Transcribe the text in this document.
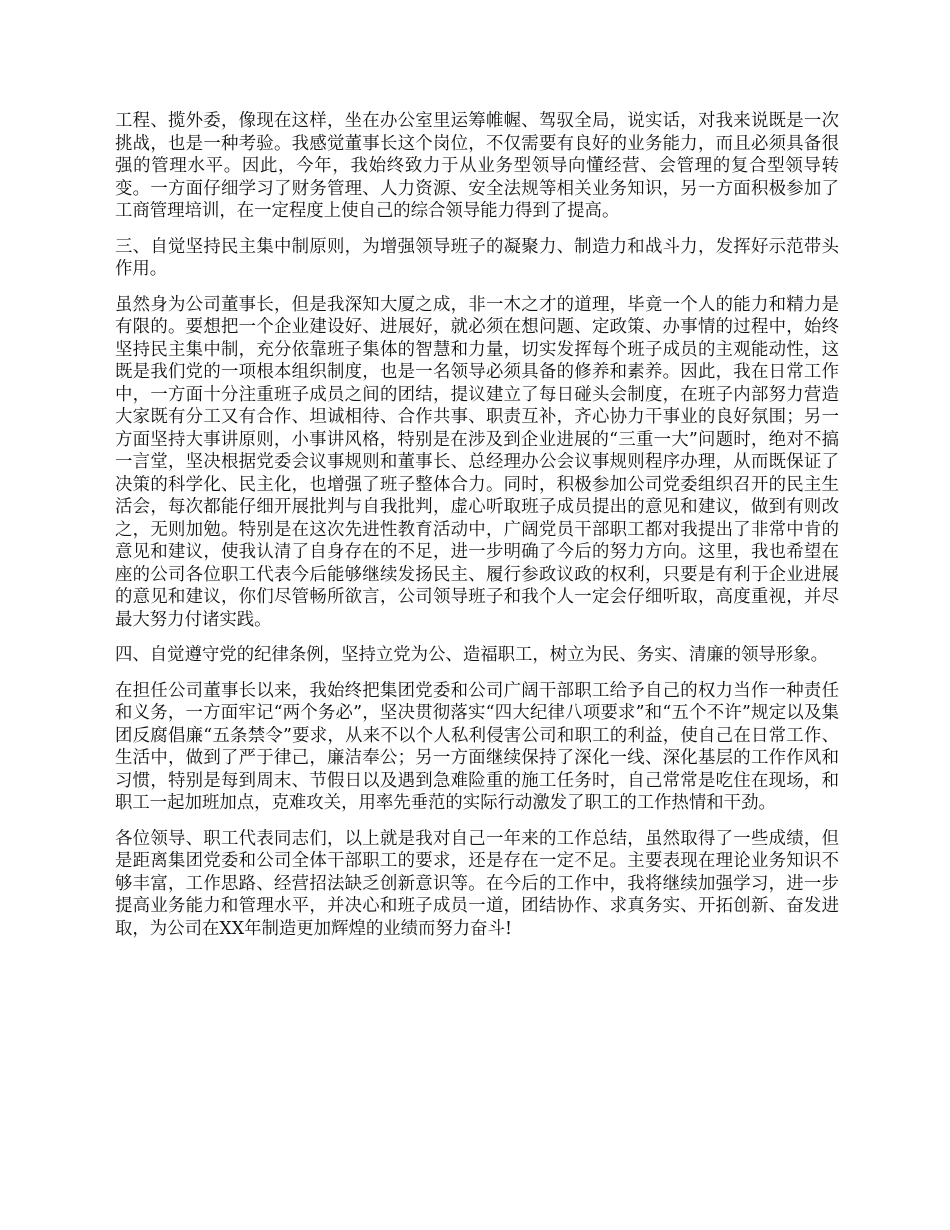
工程、揽外委，像现在这样，坐在办公室里运筹帷幄、驾驭全局，说实话，对我来说既是一次挑战，也是一种考验。我感觉董事长这个岗位，不仅需要有良好的业务能力，而且必须具备很强的管理水平。因此，今年，我始终致力于从业务型领导向懂经营、会管理的复合型领导转变。一方面仔细学习了财务管理、人力资源、安全法规等相关业务知识，另一方面积极参加了工商管理培训，在一定程度上使自己的综合领导能力得到了提高。

三、自觉坚持民主集中制原则，为增强领导班子的凝聚力、制造力和战斗力，发挥好示范带头作用。

虽然身为公司董事长，但是我深知大厦之成，非一木之才的道理，毕竟一个人的能力和精力是有限的。要想把一个企业建设好、进展好，就必须在想问题、定政策、办事情的过程中，始终坚持民主集中制，充分依靠班子集体的智慧和力量，切实发挥每个班子成员的主观能动性，这既是我们党的一项根本组织制度，也是一名领导必须具备的修养和素养。因此，我在日常工作中，一方面十分注重班子成员之间的团结，提议建立了每日碰头会制度，在班子内部努力营造大家既有分工又有合作、坦诚相待、合作共事、职责互补，齐心协力干事业的良好氛围；另一方面坚持大事讲原则，小事讲风格，特别是在涉及到企业进展的“三重一大”问题时，绝对不搞一言堂，坚决根据党委会议事规则和董事长、总经理办公会议事规则程序办理，从而既保证了决策的科学化、民主化，也增强了班子整体合力。同时，积极参加公司党委组织召开的民主生活会，每次都能仔细开展批判与自我批判，虚心听取班子成员提出的意见和建议，做到有则改之，无则加勉。特别是在这次先进性教育活动中，广阔党员干部职工都对我提出了非常中肯的意见和建议，使我认清了自身存在的不足，进一步明确了今后的努力方向。这里，我也希望在座的公司各位职工代表今后能够继续发扬民主、履行参政议政的权利，只要是有利于企业进展的意见和建议，你们尽管畅所欲言，公司领导班子和我个人一定会仔细听取，高度重视，并尽最大努力付诸实践。

四、自觉遵守党的纪律条例，坚持立党为公、造福职工，树立为民、务实、清廉的领导形象。

在担任公司董事长以来，我始终把集团党委和公司广阔干部职工给予自己的权力当作一种责任和义务，一方面牢记“两个务必”，坚决贯彻落实“四大纪律八项要求”和“五个不许”规定以及集团反腐倡廉“五条禁令”要求，从来不以个人私利侵害公司和职工的利益，使自己在日常工作、生活中，做到了严于律己，廉洁奉公；另一方面继续保持了深化一线、深化基层的工作作风和习惯，特别是每到周末、节假日以及遇到急难险重的施工任务时，自己常常是吃住在现场，和职工一起加班加点，克难攻关，用率先垂范的实际行动激发了职工的工作热情和干劲。

各位领导、职工代表同志们，以上就是我对自己一年来的工作总结，虽然取得了一些成绩，但是距离集团党委和公司全体干部职工的要求，还是存在一定不足。主要表现在理论业务知识不够丰富，工作思路、经营招法缺乏创新意识等。在今后的工作中，我将继续加强学习，进一步提高业务能力和管理水平，并决心和班子成员一道，团结协作、求真务实、开拓创新、奋发进取，为公司在XX年制造更加辉煌的业绩而努力奋斗!
